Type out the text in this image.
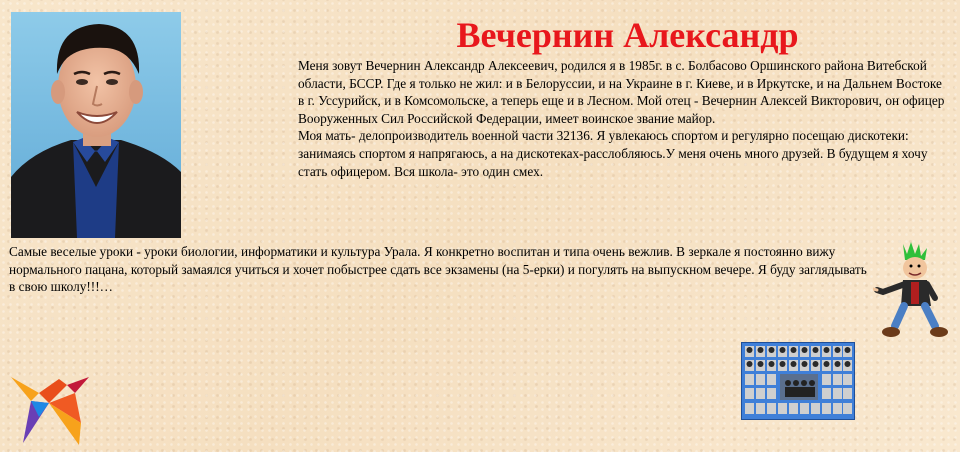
Вечернин Александр

Меня зовут Вечернин Александр Алексеевич, родился я в 1985г. в с. Болбасово Оршинского района Витебской области, БССР. Где я только не жил: и в Белоруссии, и на Украине в г. Киеве, и в Иркутске, и на Дальнем Востоке в г. Уссурийск, и в Комсомольске, а теперь еще и в Лесном. Мой отец - Вечернин Алексей Викторович, он офицер Вооруженных Сил Российской Федерации, имеет воинское звание майор.

Моя мать- делопроизводитель военной части 32136. Я увлекаюсь спортом и регулярно посещаю дискотеки: занимаясь спортом я напрягаюсь, а на дискотеках-расслобляюсь.У меня очень много друзей. В будущем я хочу стать офицером. Вся школа- это один смех.

Самые веселые уроки - уроки биологии, информатики и культура Урала. Я конкретно воспитан и типа очень вежлив. В зеркале я постоянно вижу нормального пацана, который замаялся учиться и хочет побыстрее сдать все экзамены (на 5-ерки) и погулять на выпускном вечере. Я буду заглядывать в свою школу!!!…
